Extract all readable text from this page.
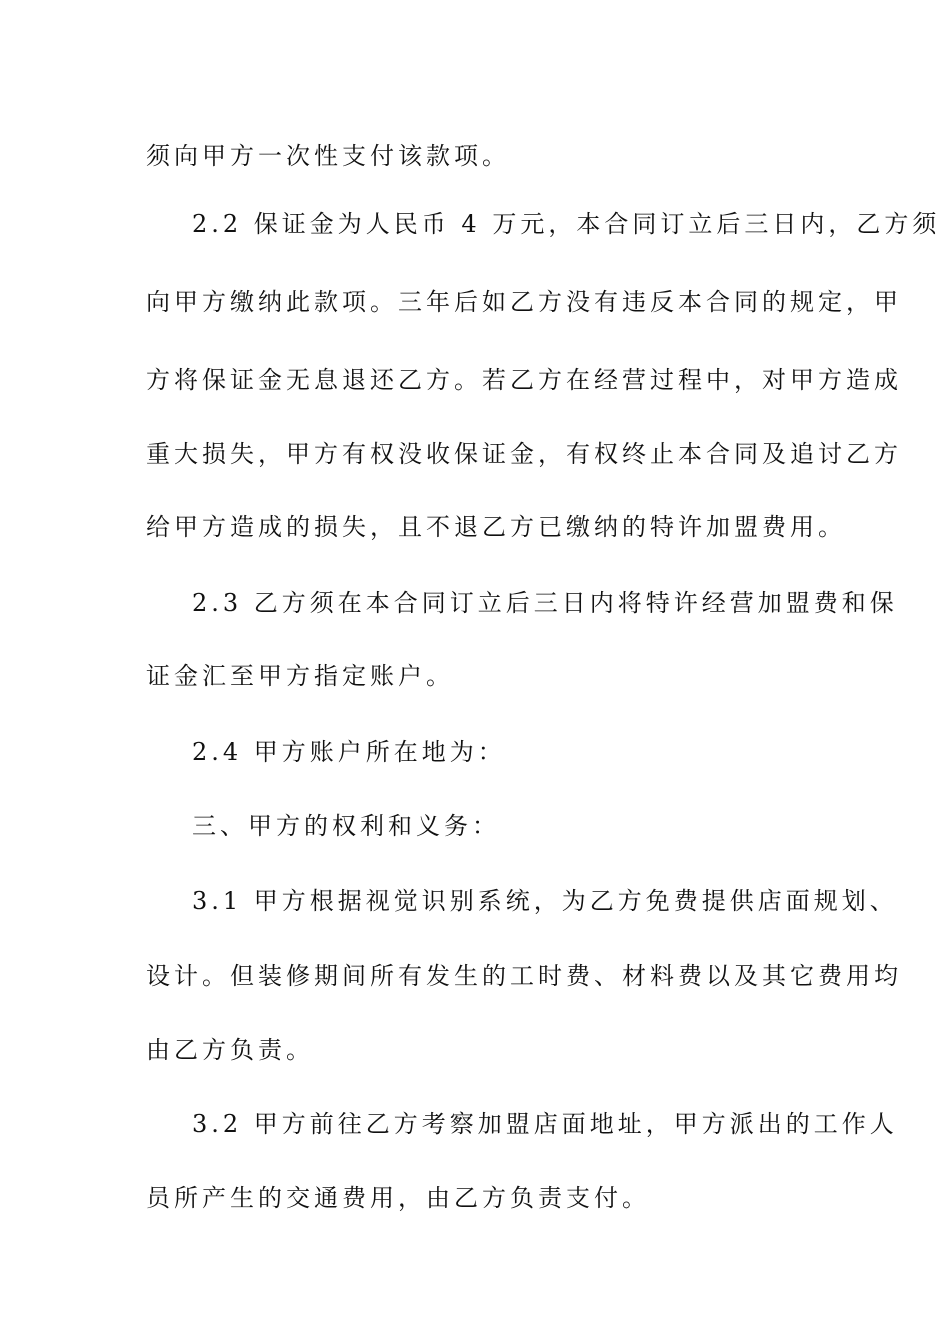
须向甲方一次性支付该款项。
2.2 保证金为人民币 4 万元，本合同订立后三日内，乙方须
向甲方缴纳此款项。三年后如乙方没有违反本合同的规定，甲
方将保证金无息退还乙方。若乙方在经营过程中，对甲方造成
重大损失，甲方有权没收保证金，有权终止本合同及追讨乙方
给甲方造成的损失，且不退乙方已缴纳的特许加盟费用。
2.3 乙方须在本合同订立后三日内将特许经营加盟费和保
证金汇至甲方指定账户。
2.4 甲方账户所在地为：
三、甲方的权利和义务：
3.1 甲方根据视觉识别系统，为乙方免费提供店面规划、
设计。但装修期间所有发生的工时费、材料费以及其它费用均
由乙方负责。
3.2 甲方前往乙方考察加盟店面地址，甲方派出的工作人
员所产生的交通费用，由乙方负责支付。
